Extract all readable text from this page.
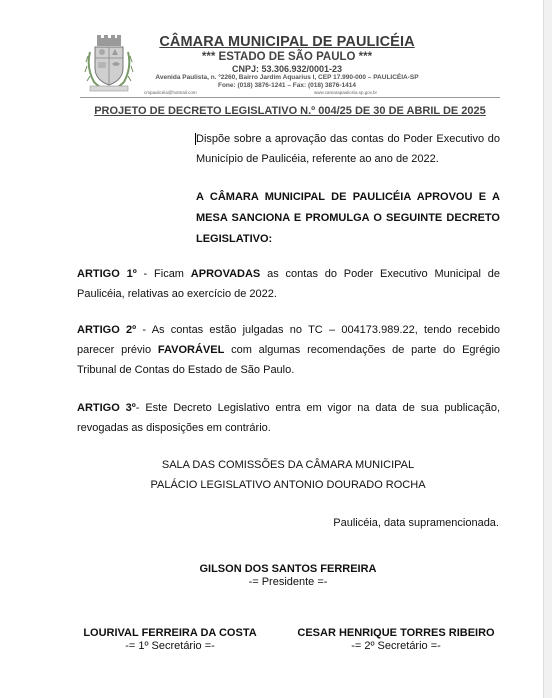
CÂMARA MUNICIPAL DE PAULICÉIA
*** ESTADO DE SÃO PAULO ***
CNPJ: 53.306.932/0001-23
Avenida Paulista, n. º2260, Bairro Jardim Aquarius I, CEP 17.990-000 – PAULICÉIA-SP
Fone: (018) 3876-1241 – Fax: (018) 3876-1414
cmpaulicéia@hotmail.com	www.camarapaulicéia.sp.gov.br
PROJETO DE DECRETO LEGISLATIVO N.º 004/25 DE 30 DE ABRIL DE 2025
Dispõe sobre a aprovação das contas do Poder Executivo do Município de Paulicéia, referente ao ano de 2022.
A CÂMARA MUNICIPAL DE PAULICÉIA APROVOU E A MESA SANCIONA E PROMULGA O SEGUINTE DECRETO LEGISLATIVO:
ARTIGO 1º - Ficam APROVADAS as contas do Poder Executivo Municipal de Paulicéia, relativas ao exercício de 2022.
ARTIGO 2º - As contas estão julgadas no TC – 004173.989.22, tendo recebido parecer prévio FAVORÁVEL com algumas recomendações de parte do Egrégio Tribunal de Contas do Estado de São Paulo.
ARTIGO 3º- Este Decreto Legislativo entra em vigor na data de sua publicação, revogadas as disposições em contrário.
SALA DAS COMISSÕES DA CÂMARA MUNICIPAL
PALÁCIO LEGISLATIVO ANTONIO DOURADO ROCHA
Paulicéia, data supramencionada.
GILSON DOS SANTOS FERREIRA
-= Presidente =-
LOURIVAL FERREIRA DA COSTA
-= 1º Secretário =-
CESAR HENRIQUE TORRES RIBEIRO
-= 2º Secretário =-
